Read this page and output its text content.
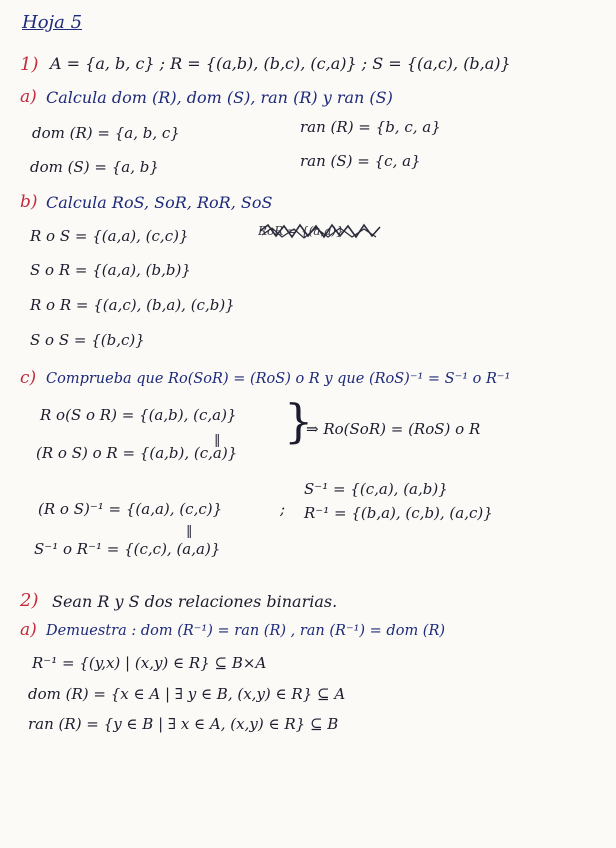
Hoja 5
1) A = {a, b, c} ; R = {(a,b), (b,c), (c,a)} ; S = {(a,c), (b,a)}
a) Calcula dom (R), dom (S), ran (R) y ran (S)
dom (R) = {a, b, c}	ran (R) = {b, c, a}
dom (S) = {a, b}	ran (S) = {c, a}
b) Calcula RoS, SoR, RoR, SoS
R o S = {(a,a), (c,c)}	RoR = {(a,a)}
S o R = {(a,a), (b,b)}
R o R = {(a,c), (b,a), (c,b)}
S o S = {(b,c)}
c) Comprueba que Ro(SoR) = (RoS) o R y que (RoS)⁻¹ = S⁻¹ o R⁻¹
R o(S o R) = {(a,b), (c,a)}
‖
(R o S) o R = {(a,b), (c,a)}
}
⇒ Ro(SoR) = (RoS) o R
(R o S)⁻¹ = {(a,a), (c,c)}	;
S⁻¹ = {(c,a), (a,b)}
R⁻¹ = {(b,a), (c,b), (a,c)}
‖
S⁻¹ o R⁻¹ = {(c,c), (a,a)}
2) Sean R y S dos relaciones binarias.
a) Demuestra : dom (R⁻¹) = ran (R) , ran (R⁻¹) = dom (R)
R⁻¹ = {(y,x) | (x,y) ∈ R} ⊆ B×A
dom (R) = {x ∈ A | ∃ y ∈ B, (x,y) ∈ R} ⊆ A
ran (R) = {y ∈ B | ∃ x ∈ A, (x,y) ∈ R} ⊆ B
